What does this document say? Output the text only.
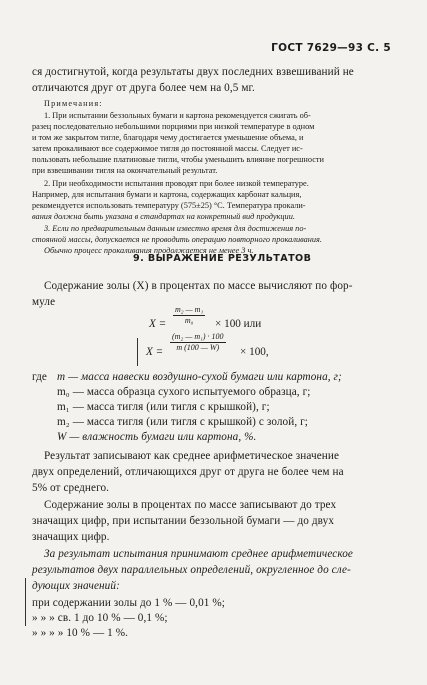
ГОСТ 7629—93 С. 5
ся достигнутой, когда результаты двух последних взвешиваний не
отличаются друг от друга более чем на 0,5 мг.
Примечания:
1. При испытании беззольных бумаги и картона рекомендуется сжигать об-
разец последовательно небольшими порциями при низкой температуре в одном
и том же закрытом тигле, благодаря чему достигается уменьшение объема, и
затем прокаливают все содержимое тигля до постоянной массы. Следует ис-
пользовать небольшие платиновые тигли, чтобы уменьшить влияние погрешности
при взвешивании тигля на окончательный результат.
2. При необходимости испытания проводят при более низкой температуре.
Например, для испытания бумаги и картона, содержащих карбонат кальция,
рекомендуется использовать температуру (575±25) °С. Температура прокали-
вания должна быть указана в стандартах на конкретный вид продукции.
3. Если по предварительным данным известно время для достижения по-
стоянной массы, допускается не проводить операцию повторного прокаливания.
Обычно процесс прокаливания продолжается не менее 3 ч.
9. ВЫРАЖЕНИЕ РЕЗУЛЬТАТОВ
Содержание золы (X) в процентах по массе вычисляют по фор-
муле
$X = \frac{\text{m₂ — m₁}}{\text{m₀}} \times 100$ или
$X = \frac{\text{(m₂ — m₁) · 100}}{m (100 — W)} \times 100$,
где m — масса навески воздушно-сухой бумаги или картона, г;
m₀ — масса образца сухого испытуемого образца, г;
m₁ — масса тигля (или тигля с крышкой), г;
m₂ — масса тигля (или тигля с крышкой) с золой, г;
W — влажность бумаги или картона, %.
Результат записывают как среднее арифметическое значение
двух определений, отличающихся друг от друга не более чем на
5% от среднего.
Содержание золы в процентах по массе записывают до трех
значащих цифр, при испытании беззольной бумаги — до двух
значащих цифр.
За результат испытания принимают среднее арифметическое
результатов двух параллельных определений, округленное до сле-
дующих значений:
при содержании золы до 1 % — 0,01 %;
» » » св. 1 до 10 % — 0,1 %;
» » » » 10 % — 1 %.
